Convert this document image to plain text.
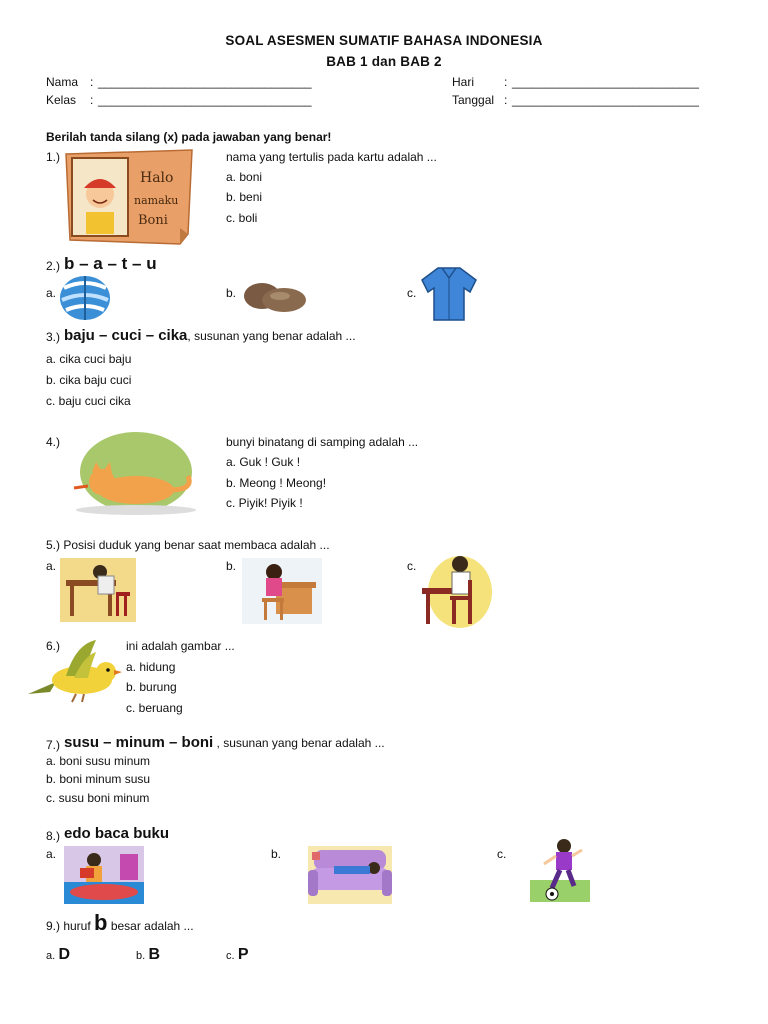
SOAL ASESMEN SUMATIF BAHASA INDONESIA
BAB 1 dan BAB 2
Nama : ________________________________
Kelas : ________________________________
Hari : ____________________________
Tanggal : ____________________________
Berilah tanda silang (x) pada jawaban yang benar!
1.)
Halo
namaku
Boni
nama yang tertulis pada kartu adalah ...
a. boni
b. beni
c. boli
2.) b – a – t – u
a.	b.	c.
3.) baju – cuci – cika, susunan yang benar adalah ...
a. cika cuci baju
b. cika baju cuci
c. baju cuci cika
4.)	bunyi binatang di samping adalah ...
a. Guk ! Guk !
b. Meong ! Meong!
c. Piyik! Piyik !
5.) Posisi duduk yang benar saat membaca adalah ...
a.	b.	c.
6.)	ini adalah gambar ...
a. hidung
b. burung
c. beruang
7.) susu – minum – boni , susunan yang benar adalah ...
a. boni susu minum
b. boni minum susu
c. susu boni minum
8.) edo baca buku
a.	b.	c.
9.) huruf b besar adalah ...
a. D	b. B	c. P
